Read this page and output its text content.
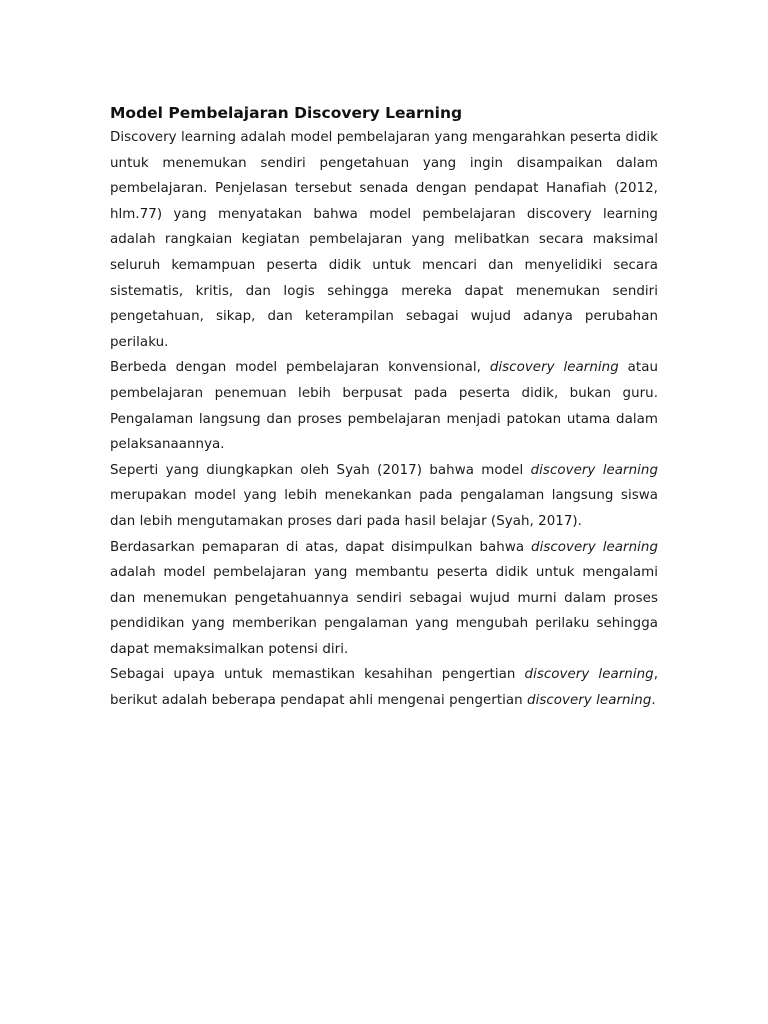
Model Pembelajaran Discovery Learning

Discovery learning adalah model pembelajaran yang mengarahkan peserta didik untuk menemukan sendiri pengetahuan yang ingin disampaikan dalam pembelajaran. Penjelasan tersebut senada dengan pendapat Hanafiah (2012, hlm.77) yang menyatakan bahwa model pembelajaran discovery learning adalah rangkaian kegiatan pembelajaran yang melibatkan secara maksimal seluruh kemampuan peserta didik untuk mencari dan menyelidiki secara sistematis, kritis, dan logis sehingga mereka dapat menemukan sendiri pengetahuan, sikap, dan keterampilan sebagai wujud adanya perubahan perilaku.

Berbeda dengan model pembelajaran konvensional, discovery learning atau pembelajaran penemuan lebih berpusat pada peserta didik, bukan guru. Pengalaman langsung dan proses pembelajaran menjadi patokan utama dalam pelaksanaannya.

Seperti yang diungkapkan oleh Syah (2017) bahwa model discovery learning merupakan model yang lebih menekankan pada pengalaman langsung siswa dan lebih mengutamakan proses dari pada hasil belajar (Syah, 2017).

Berdasarkan pemaparan di atas, dapat disimpulkan bahwa discovery learning adalah model pembelajaran yang membantu peserta didik untuk mengalami dan menemukan pengetahuannya sendiri sebagai wujud murni dalam proses pendidikan yang memberikan pengalaman yang mengubah perilaku sehingga dapat memaksimalkan potensi diri.

Sebagai upaya untuk memastikan kesahihan pengertian discovery learning, berikut adalah beberapa pendapat ahli mengenai pengertian discovery learning.
